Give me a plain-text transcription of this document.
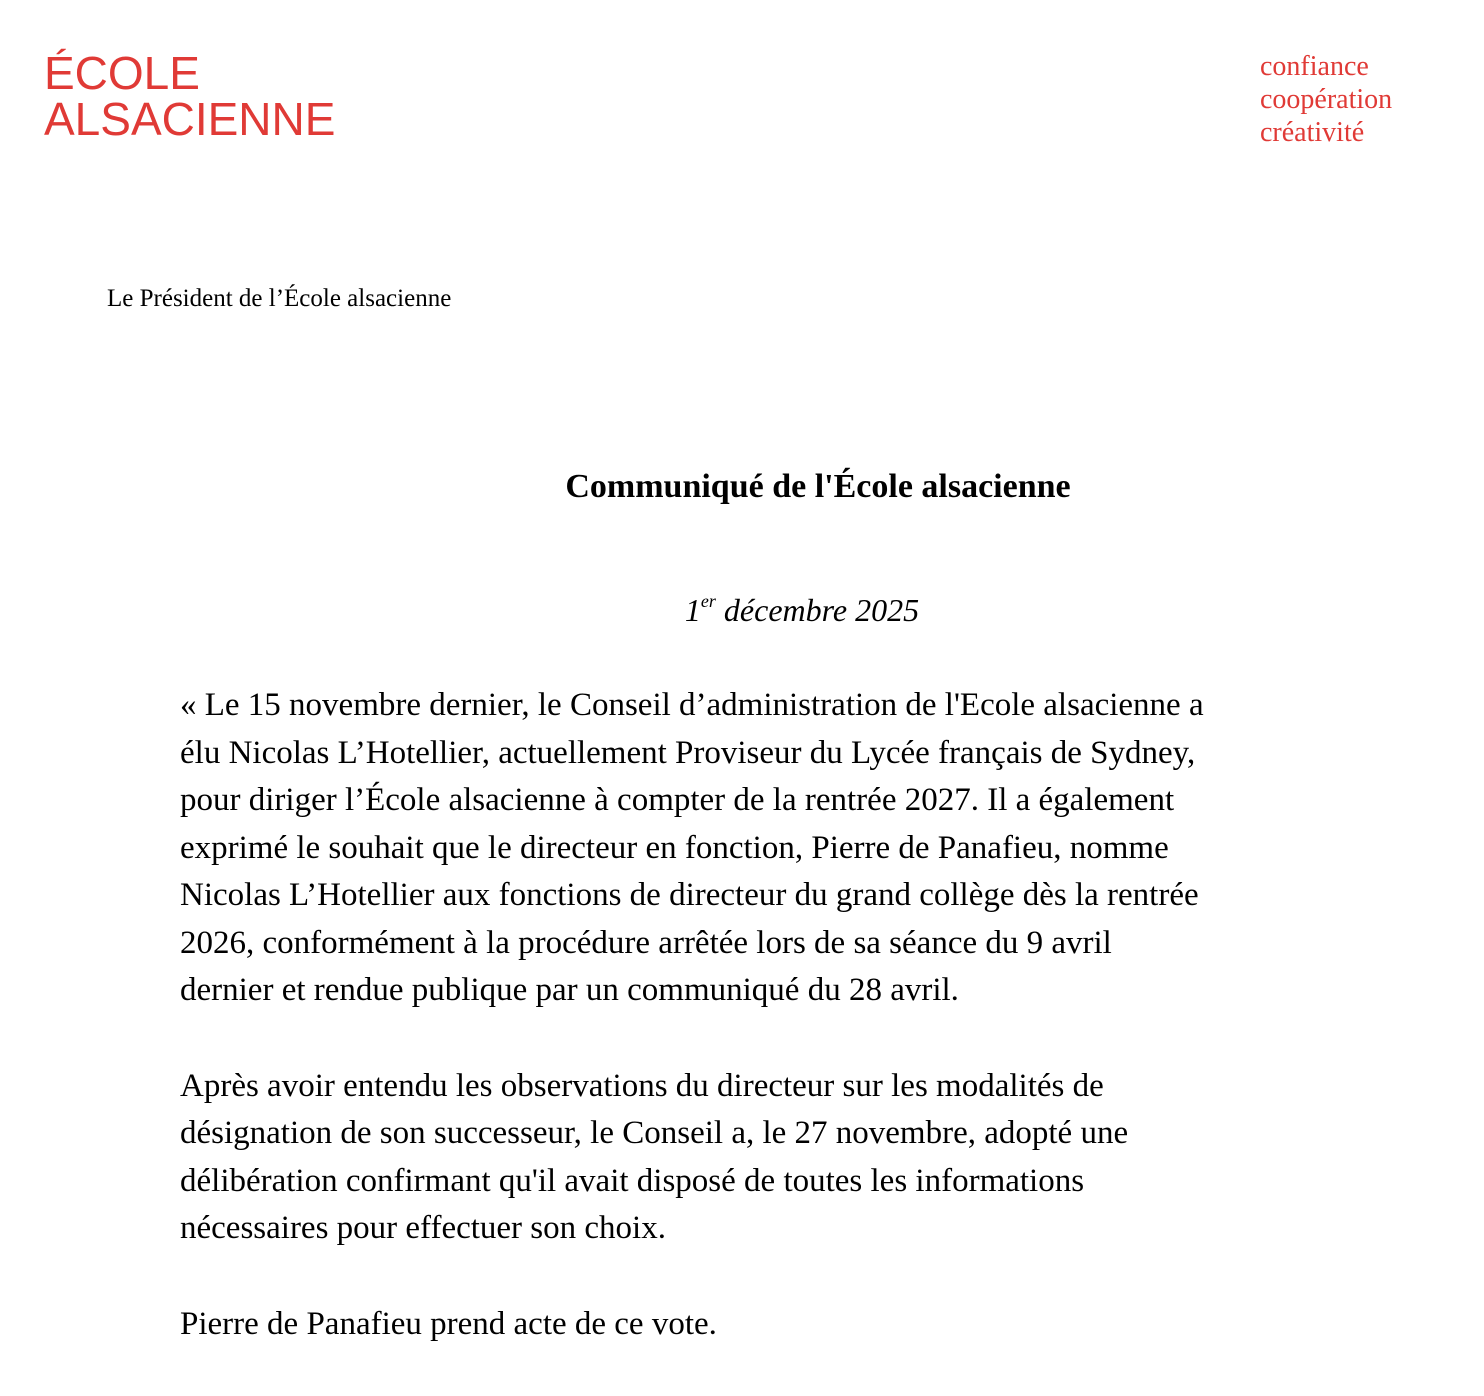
ÉCOLE
ALSACIENNE
confiance
coopération
créativité
Le Président de l’École alsacienne
Communiqué de l'École alsacienne
1er décembre 2025
« Le 15 novembre dernier, le Conseil d’administration de l'Ecole alsacienne a
élu Nicolas L’Hotellier, actuellement Proviseur du Lycée français de Sydney,
pour diriger l’École alsacienne à compter de la rentrée 2027. Il a également
exprimé le souhait que le directeur en fonction, Pierre de Panafieu, nomme
Nicolas L’Hotellier aux fonctions de directeur du grand collège dès la rentrée
2026, conformément à la procédure arrêtée lors de sa séance du 9 avril
dernier et rendue publique par un communiqué du 28 avril.
Après avoir entendu les observations du directeur sur les modalités de
désignation de son successeur, le Conseil a, le 27 novembre, adopté une
délibération confirmant qu'il avait disposé de toutes les informations
nécessaires pour effectuer son choix.
Pierre de Panafieu prend acte de ce vote.
